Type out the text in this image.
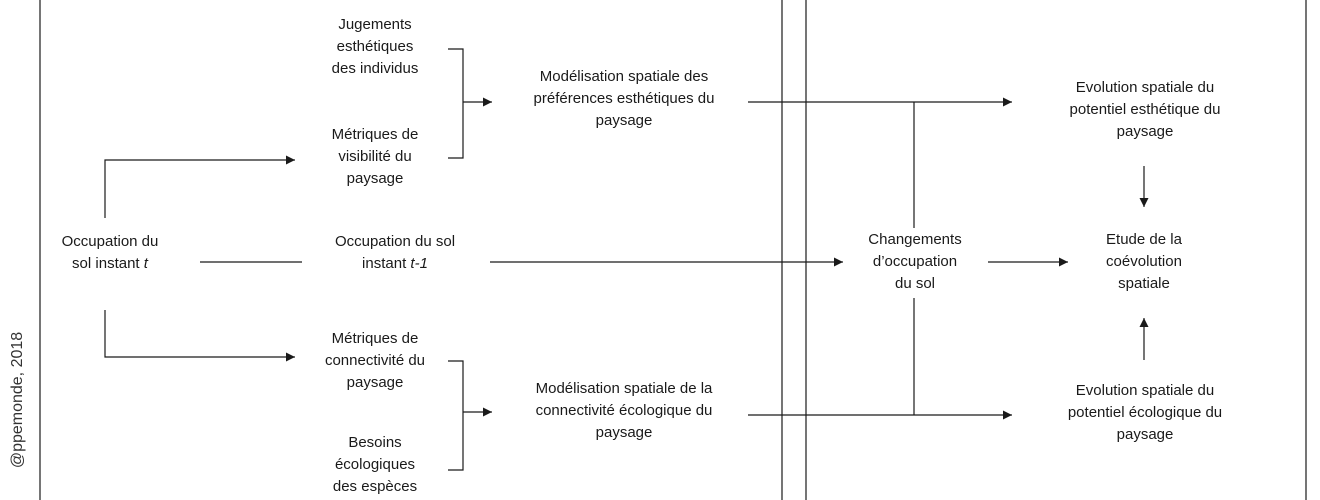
@ppemonde, 2018
Jugements
esthétiques
des individus
Métriques de
visibilité du
paysage
Modélisation spatiale des
préférences esthétiques du
paysage
Evolution spatiale du
potentiel esthétique du
paysage
Occupation du
sol instant t
Occupation du sol
instant t-1
Changements
d’occupation
du sol
Etude de la
coévolution
spatiale
Métriques de
connectivité du
paysage
Besoins
écologiques
des espèces
Modélisation spatiale de la
connectivité écologique du
paysage
Evolution spatiale du
potentiel écologique du
paysage
